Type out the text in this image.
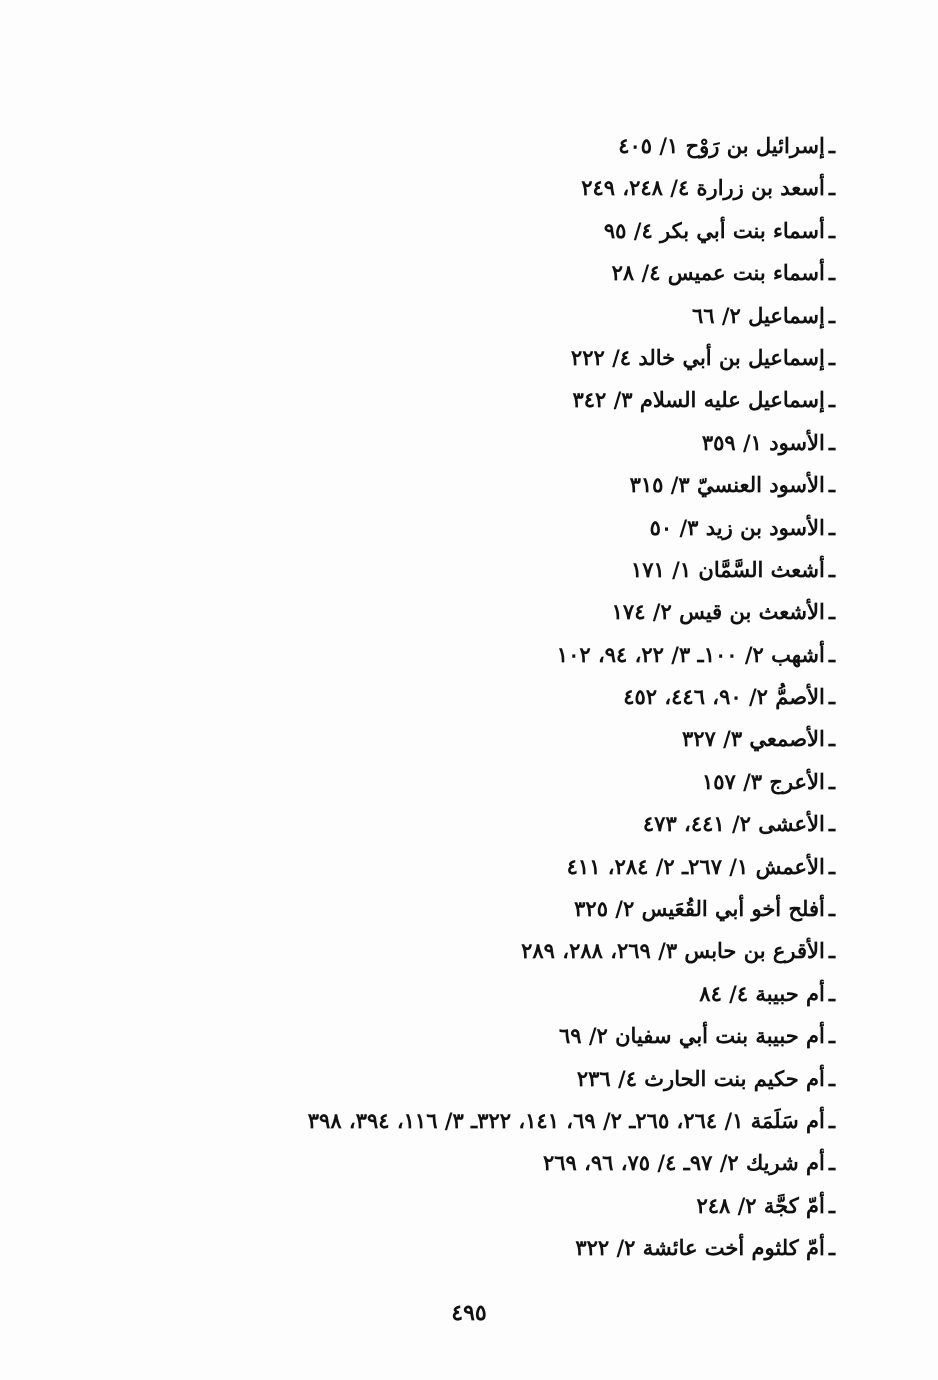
ـإسرائيل بن رَوْح ١/ ٤٠٥
ـأسعد بن زرارة ٤/ ٢٤٨، ٢٤٩
ـأسماء بنت أبي بكر ٤/ ٩٥
ـأسماء بنت عميس ٤/ ٢٨
ـإسماعيل ٢/ ٦٦
ـإسماعيل بن أبي خالد ٤/ ٢٢٢
ـإسماعيل عليه السلام ٣/ ٣٤٢
ـالأسود ١/ ٣٥٩
ـالأسود العنسيّ ٣/ ٣١٥
ـالأسود بن زيد ٣/ ٥٠
ـأشعث السَّمَّان ١/ ١٧١
ـالأشعث بن قيس ٢/ ١٧٤
ـأشهب ٢/ ١٠٠ـ ٣/ ٢٢، ٩٤، ١٠٢
ـالأصمُّ ٢/ ٩٠، ٤٤٦، ٤٥٢
ـالأصمعي ٣/ ٣٢٧
ـالأعرج ٣/ ١٥٧
ـالأعشى ٢/ ٤٤١، ٤٧٣
ـالأعمش ١/ ٢٦٧ـ ٢/ ٢٨٤، ٤١١
ـأفلح أخو أبي القُعَيس ٢/ ٣٢٥
ـالأقرع بن حابس ٣/ ٢٦٩، ٢٨٨، ٢٨٩
ـأم حبيبة ٤/ ٨٤
ـأم حبيبة بنت أبي سفيان ٢/ ٦٩
ـأم حكيم بنت الحارث ٤/ ٢٣٦
ـأم سَلَمَة ١/ ٢٦٤، ٢٦٥ـ ٢/ ٦٩، ١٤١، ٣٢٢ـ ٣/ ١١٦، ٣٩٤، ٣٩٨
ـأم شريك ٢/ ٩٧ـ ٤/ ٧٥، ٩٦، ٢٦٩
ـأمّ كجَّة ٢/ ٢٤٨
ـأمّ كلثوم أخت عائشة ٢/ ٣٢٢
٤٩٥
